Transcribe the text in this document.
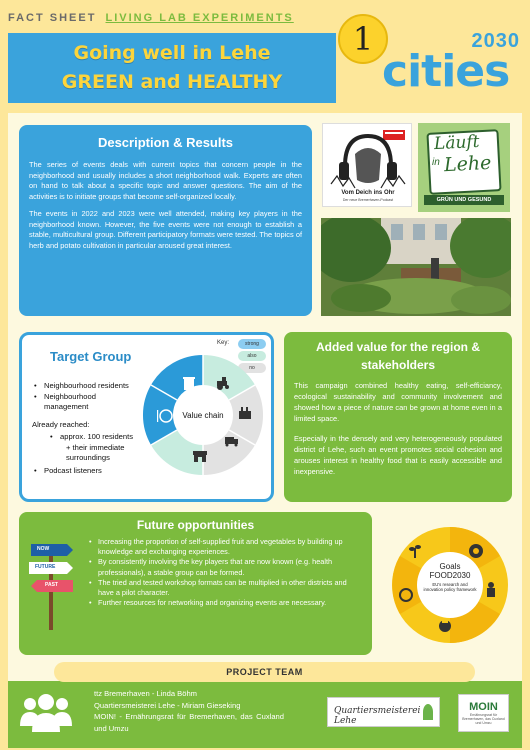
FACT SHEET LIVING LAB EXPERIMENTS
Going well in Lehe
GREEN and HEALTHY
1	2030
cities
Description & Results

The series of events deals with current topics that concern people in the neighborhood and usually includes a short neighborhood walk. Experts are often on hand to talk about a specific topic and answer questions. The aim of the activities is to initiate groups that become self-organized locally.

The events in 2022 and 2023 were well attended, making key players in the neighborhood known. However, the five events were not enough to establish a stable, multicultural group. Different participatory formats were tested. The topics of herb and potato cultivation in particular aroused great interest.

Vom Deich ins Ohr
Der neue Bremerhaven-Podcast
Läuft
in Lehe
GRÜN UND GESUND
Target Group
• Neighbourhood residents
• Neighbourhood management
Already reached:
• approx. 100 residents
+ their immediate surroundings
• Podcast listeners
Key:	strong
also
no
Value chain
Added value for the region & stakeholders

This campaign combined healthy eating, self-efficiancy, ecological sustainability and community involvement and showed how a piece of nature can be grown at home even in a limited space.

Especially in the densely and very heterogeneously populated district of Lehe, such an event promotes social cohesion and arouses interest in healthy food that is easily accessible and inexpensive.

Future opportunities
NOW
FUTURE
PAST
• Increasing the proportion of self-supplied fruit and vegetables by building up knowledge and exchanging experiences.
• By consistently involving the key players that are now known (e.g. health professionals), a stable group can be formed.
• The tried and tested workshop formats can be multiplied in other districts and have a pilot character.
• Further resources for networking and organizing events are necessary.
Goals
FOOD2030
EU's research and innovation policy framework
PROJECT TEAM
ttz Bremerhaven - Linda Böhm
Quartiersmeisterei Lehe - Miriam Gieseking
MOIN! - Ernährungsrat für Bremerhaven, das Cuxland und Umzu
Quartiersmeisterei Lehe
MOIN
Ernährungsrat für Bremerhaven, das Cuxland und Umzu
